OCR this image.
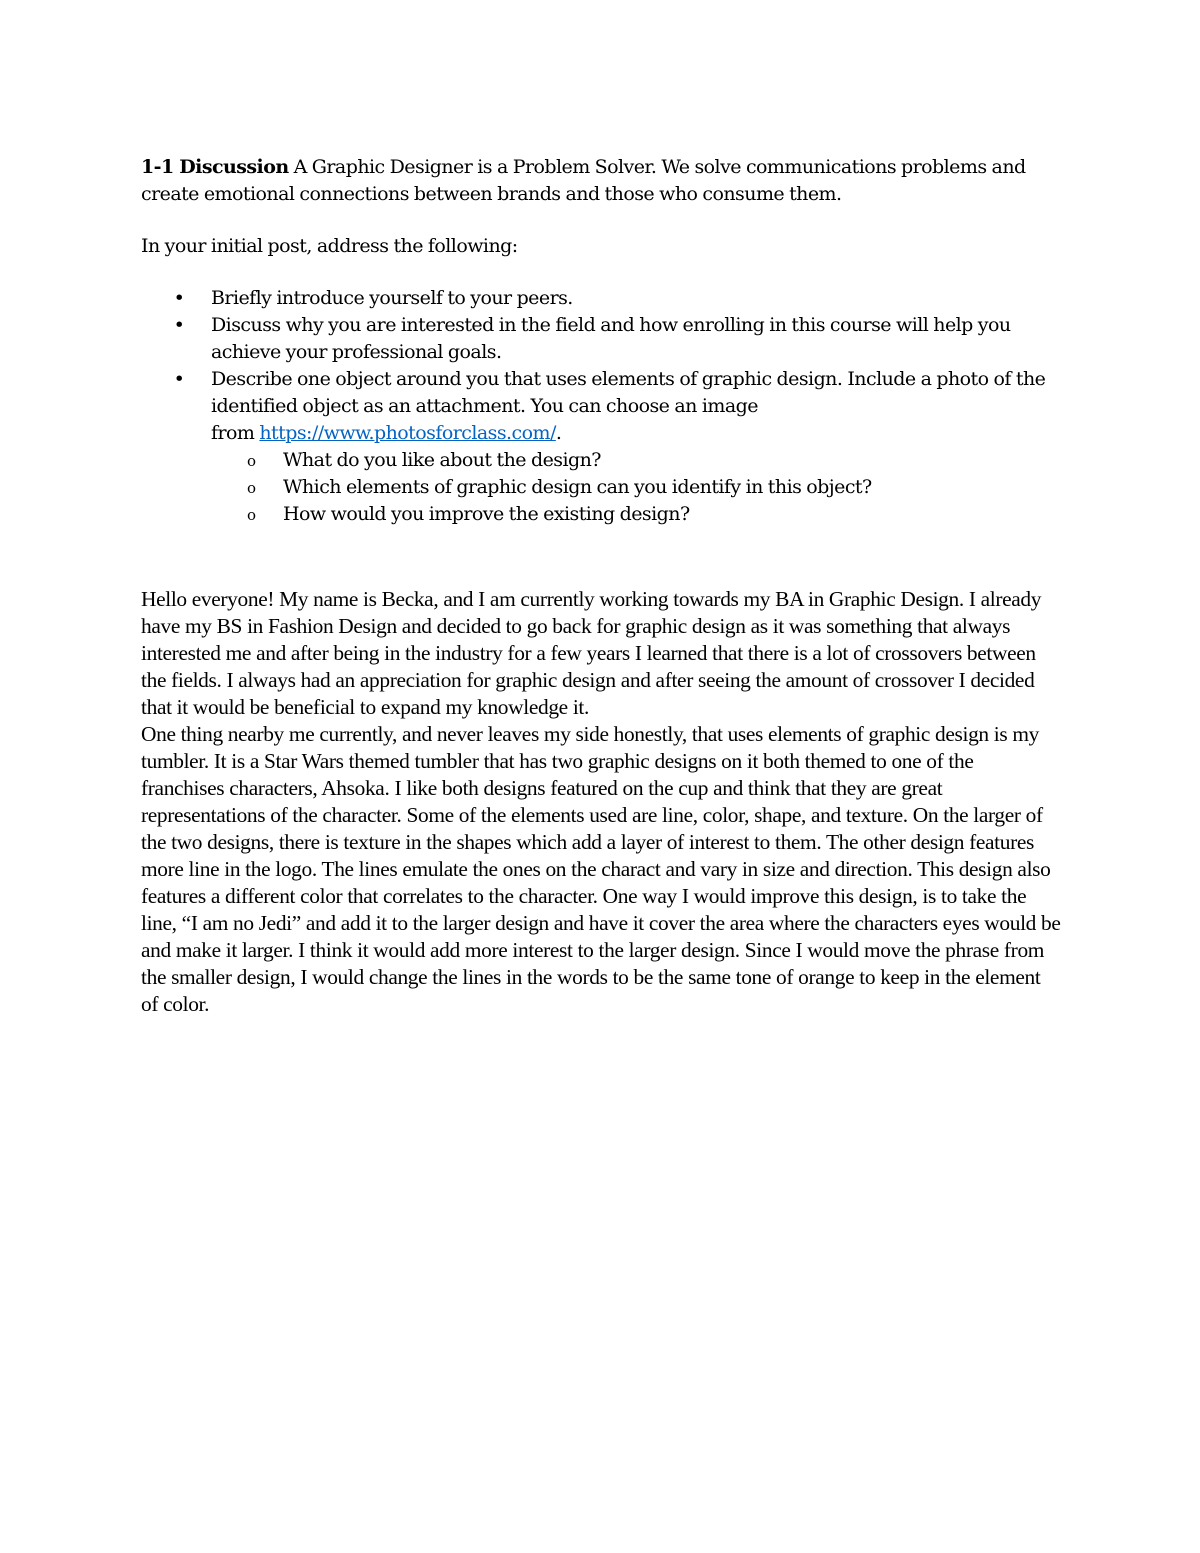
1-1 Discussion A Graphic Designer is a Problem Solver. We solve communications problems and create emotional connections between brands and those who consume them.

In your initial post, address the following:

• Briefly introduce yourself to your peers.
• Discuss why you are interested in the field and how enrolling in this course will help you achieve your professional goals.
• Describe one object around you that uses elements of graphic design. Include a photo of the identified object as an attachment. You can choose an image
from https://www.photosforclass.com/.
o	What do you like about the design?
o	Which elements of graphic design can you identify in this object?
o	How would you improve the existing design?

Hello everyone! My name is Becka, and I am currently working towards my BA in Graphic Design. I already have my BS in Fashion Design and decided to go back for graphic design as it was something that always interested me and after being in the industry for a few years I learned that there is a lot of crossovers between the fields. I always had an appreciation for graphic design and after seeing the amount of crossover I decided that it would be beneficial to expand my knowledge it.

One thing nearby me currently, and never leaves my side honestly, that uses elements of graphic design is my tumbler. It is a Star Wars themed tumbler that has two graphic designs on it both themed to one of the franchises characters, Ahsoka. I like both designs featured on the cup and think that they are great representations of the character. Some of the elements used are line, color, shape, and texture. On the larger of the two designs, there is texture in the shapes which add a layer of interest to them. The other design features more line in the logo. The lines emulate the ones on the charact and vary in size and direction. This design also features a different color that correlates to the character. One way I would improve this design, is to take the line, “I am no Jedi” and add it to the larger design and have it cover the area where the characters eyes would be and make it larger. I think it would add more interest to the larger design. Since I would move the phrase from the smaller design, I would change the lines in the words to be the same tone of orange to keep in the element of color.
